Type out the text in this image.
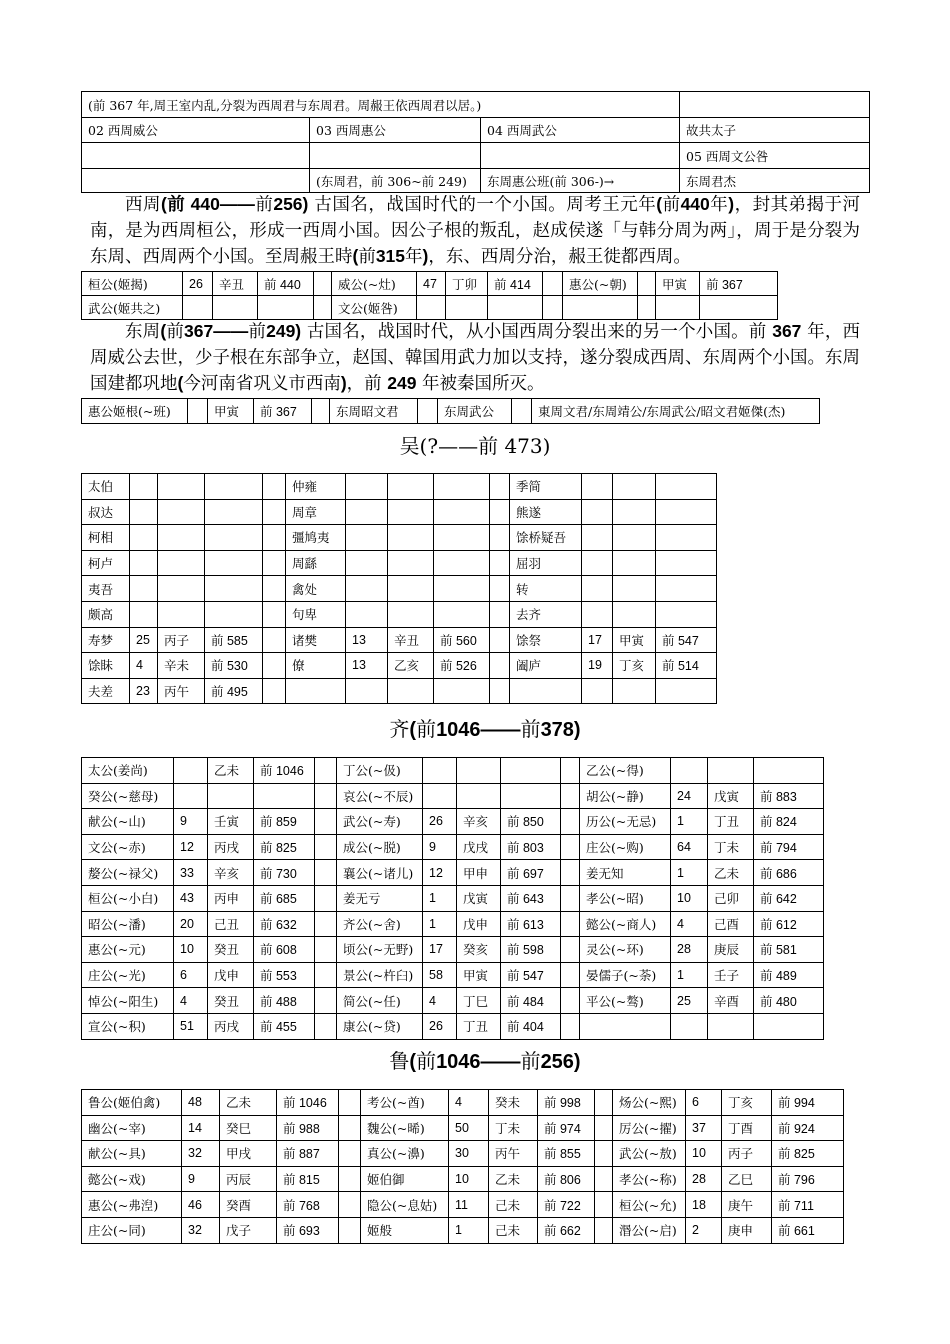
(前 367 年,周王室内乱,分裂为西周君与东周君。周赧王依西周君以居。)			
02 西周威公	03 西周惠公	04 西周武公	故共太子
			05 西周文公咎
	(东周君，前 306~前 249)	东周惠公班(前 306-)→	东周君杰

西周(前 440——前256) 古国名，战国时代的一个小国。周考王元年(前440年)，封其弟揭于河南，是为西周桓公，形成一西周小国。因公子根的叛乱，赵成侯遂「与韩分周为两」，周于是分裂为东周、西周两个小国。至周赧王時(前315年)，东、西周分治，赧王徙都西周。

桓公(姬揭)	26	辛丑	前 440		威公(~灶)	47	丁卯	前 414		惠公(~朝)		甲寅	前 367
武公(姬共之)					文公(姬咎)								

东周(前367——前249) 古国名，战国时代，从小国西周分裂出来的另一个小国。前 367 年，西周威公去世，少子根在东部争立，赵国、韓国用武力加以支持，遂分裂成西周、东周两个小国。东周国建都巩地(今河南省巩义市西南)，前 249 年被秦国所灭。

惠公姬根(~班)		甲寅	前 367		东周昭文君		东周武公		東周文君/东周靖公/东周武公/昭文君姬傑(杰)

吴(?——前 473)

太伯					仲雍					季简			
叔达					周章					熊遂			
柯相					彊鸠夷					馀桥疑吾			
柯卢					周繇					屈羽			
夷吾					禽处					转			
颇高					句卑					去齐			
寿梦	25	丙子	前 585		诸樊	13	辛丑	前 560		馀祭	17	甲寅	前 547
馀眛	4	辛未	前 530		僚	13	乙亥	前 526		阖庐	19	丁亥	前 514
夫差	23	丙午	前 495										

齐(前1046——前378)

太公(姜尚)		乙未	前 1046		丁公(~伋)					乙公(~得)			
癸公(~慈母)					哀公(~不辰)					胡公(~静)	24	戊寅	前 883
献公(~山)	9	壬寅	前 859		武公(~寿)	26	辛亥	前 850		历公(~无忌)	1	丁丑	前 824
文公(~赤)	12	丙戌	前 825		成公(~脱)	9	戊戌	前 803		庄公(~购)	64	丁未	前 794
嫠公(~禄父)	33	辛亥	前 730		襄公(~诸儿)	12	甲申	前 697		姜无知	1	乙未	前 686
桓公(~小白)	43	丙申	前 685		姜无亏	1	戊寅	前 643		孝公(~昭)	10	己卯	前 642
昭公(~潘)	20	己丑	前 632		齐公(~舍)	1	戊申	前 613		懿公(~商人)	4	己酉	前 612
惠公(~元)	10	癸丑	前 608		顷公(~无野)	17	癸亥	前 598		灵公(~环)	28	庚辰	前 581
庄公(~光)	6	戊申	前 553		景公(~杵臼)	58	甲寅	前 547		晏儒子(~荼)	1	壬子	前 489
悼公(~阳生)	4	癸丑	前 488		简公(~任)	4	丁巳	前 484		平公(~骜)	25	辛酉	前 480
宣公(~积)	51	丙戌	前 455		康公(~贷)	26	丁丑	前 404					

鲁(前1046——前256)

鲁公(姬伯禽)	48	乙未	前 1046		考公(~酋)	4	癸未	前 998		炀公(~熙)	6	丁亥	前 994
幽公(~宰)	14	癸巳	前 988		魏公(~晞)	50	丁未	前 974		厉公(~擢)	37	丁酉	前 924
献公(~具)	32	甲戌	前 887		真公(~濞)	30	丙午	前 855		武公(~敖)	10	丙子	前 825
懿公(~戏)	9	丙辰	前 815		姬伯御	10	乙未	前 806		孝公(~称)	28	乙巳	前 796
惠公(~弗湼)	46	癸酉	前 768		隐公(~息姑)	11	己未	前 722		桓公(~允)	18	庚午	前 711
庄公(~同)	32	戊子	前 693		姬般	1	己未	前 662		湣公(~启)	2	庚申	前 661
